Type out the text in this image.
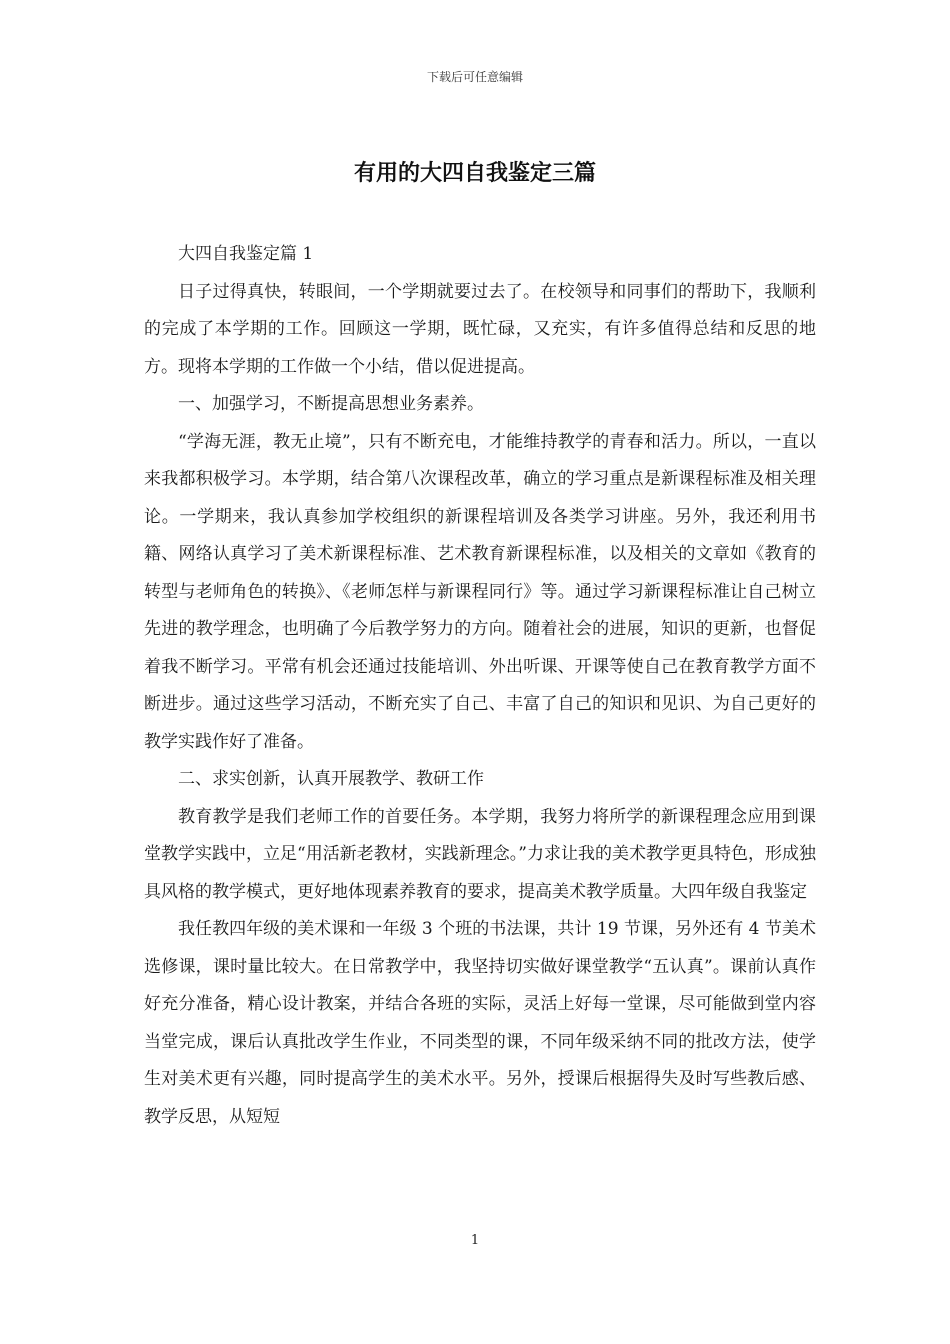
下载后可任意编辑
有用的大四自我鉴定三篇

大四自我鉴定篇 1

日子过得真快，转眼间，一个学期就要过去了。在校领导和同事们的帮助下，我顺利的完成了本学期的工作。回顾这一学期，既忙碌，又充实，有许多值得总结和反思的地方。现将本学期的工作做一个小结，借以促进提高。

一、加强学习，不断提高思想业务素养。

“学海无涯，教无止境”，只有不断充电，才能维持教学的青春和活力。所以，一直以来我都积极学习。本学期，结合第八次课程改革，确立的学习重点是新课程标准及相关理论。一学期来，我认真参加学校组织的新课程培训及各类学习讲座。另外，我还利用书籍、网络认真学习了美术新课程标准、艺术教育新课程标准，以及相关的文章如《教育的转型与老师角色的转换》、《老师怎样与新课程同行》等。通过学习新课程标准让自己树立先进的教学理念，也明确了今后教学努力的方向。随着社会的进展，知识的更新，也督促着我不断学习。平常有机会还通过技能培训、外出听课、开课等使自己在教育教学方面不断进步。通过这些学习活动，不断充实了自己、丰富了自己的知识和见识、为自己更好的教学实践作好了准备。

二、求实创新，认真开展教学、教研工作

教育教学是我们老师工作的首要任务。本学期，我努力将所学的新课程理念应用到课堂教学实践中，立足“用活新老教材，实践新理念。”力求让我的美术教学更具特色，形成独具风格的教学模式，更好地体现素养教育的要求，提高美术教学质量。大四年级自我鉴定

我任教四年级的美术课和一年级 3 个班的书法课，共计 19 节课，另外还有 4 节美术选修课，课时量比较大。在日常教学中，我坚持切实做好课堂教学“五认真”。课前认真作好充分准备，精心设计教案，并结合各班的实际，灵活上好每一堂课，尽可能做到堂内容当堂完成，课后认真批改学生作业，不同类型的课，不同年级采纳不同的批改方法，使学生对美术更有兴趣，同时提高学生的美术水平。另外，授课后根据得失及时写些教后感、教学反思，从短短

1
